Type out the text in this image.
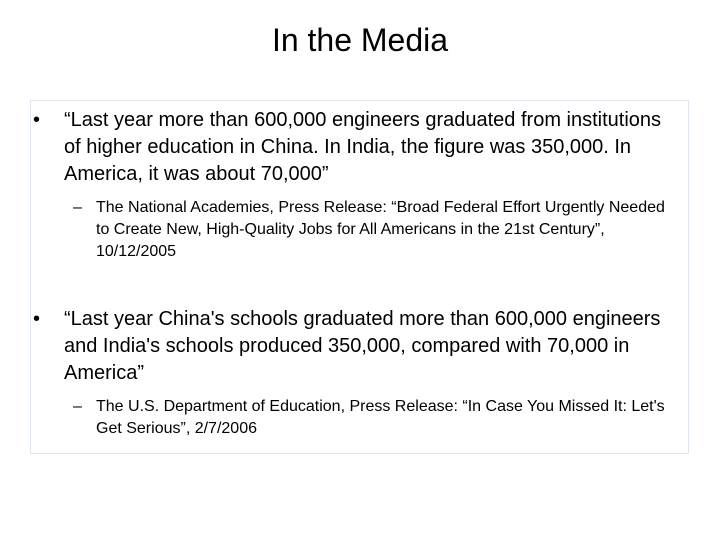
In the Media
•	“Last year more than 600,000 engineers graduated from institutions of higher education in China. In India, the figure was 350,000. In America, it was about 70,000”

– The National Academies, Press Release: “Broad Federal Effort Urgently Needed to Create New, High-Quality Jobs for All Americans in the 21st Century”, 10/12/2005

•	“Last year China's schools graduated more than 600,000 engineers and India's schools produced 350,000, compared with 70,000 in America”

– The U.S. Department of Education, Press Release: “In Case You Missed It: Let's Get Serious”, 2/7/2006
